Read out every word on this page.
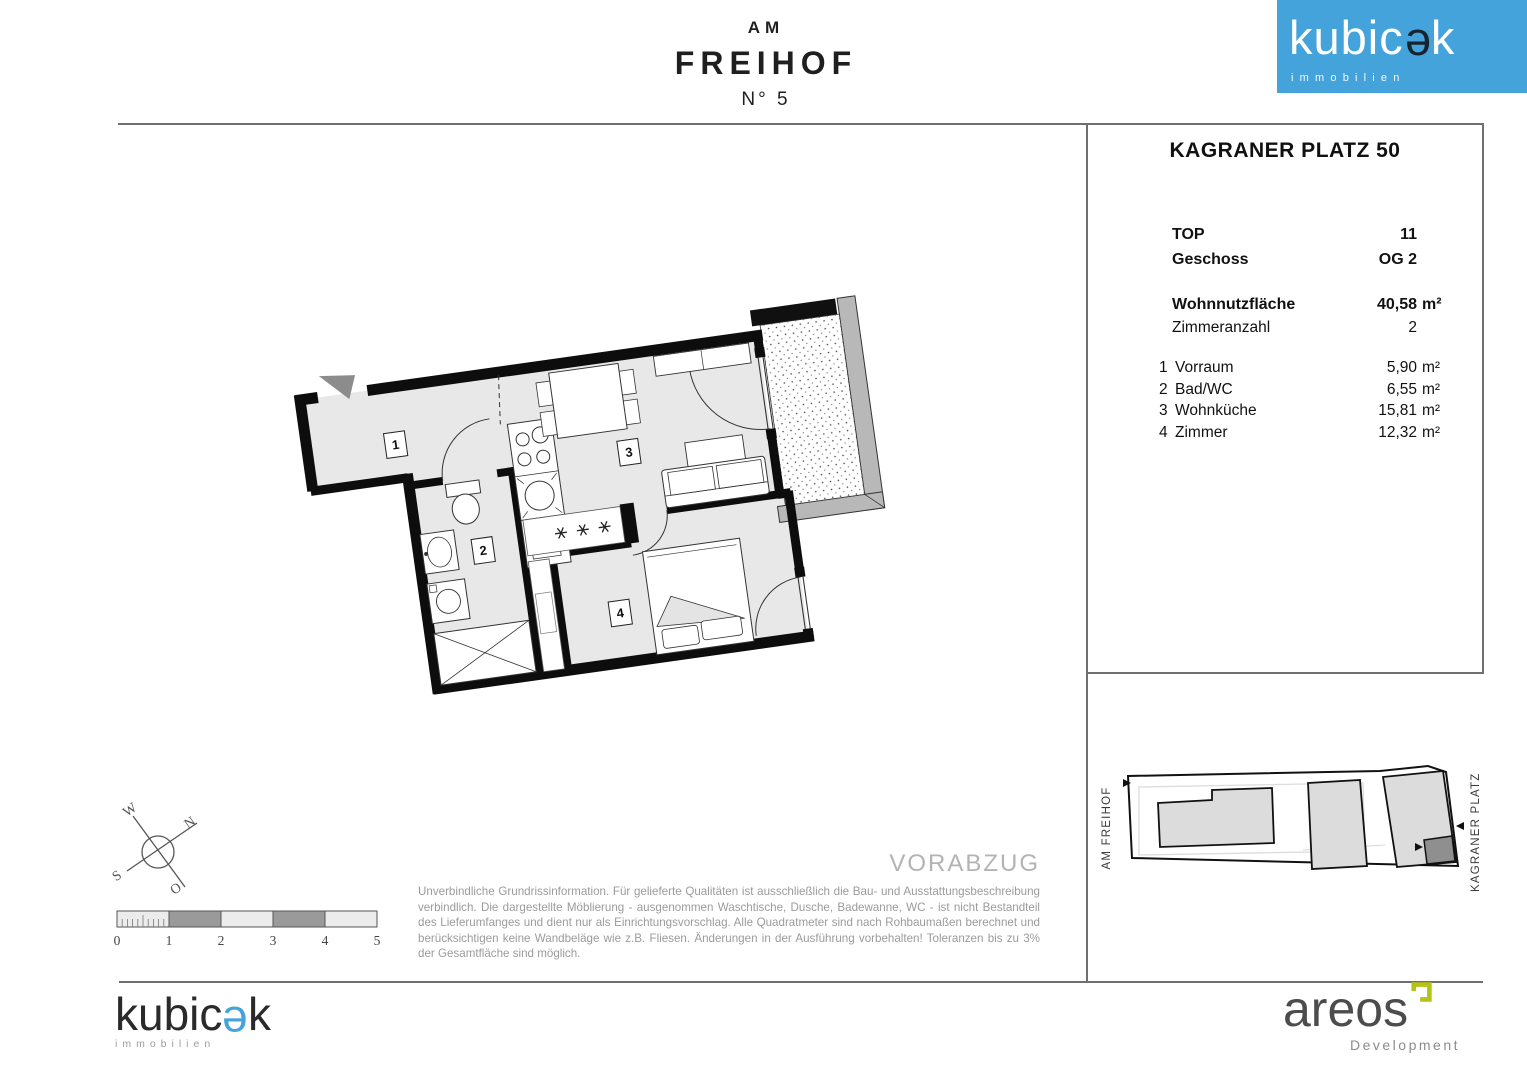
AM
FREIHOF
N° 5
kubicek
immobilien
KAGRANER PLATZ 50
TOP	11
Geschoss	OG 2
Wohnnutzfläche	40,58 m²
Zimmeranzahl	2
1 Vorraum	5,90 m²
2 Bad/WC	6,55 m²
3 Wohnküche	15,81 m²
4 Zimmer	12,32 m²
1
2
3
4
W
N
S
O
0	1	2	3	4	5
VORABZUG
Unverbindliche Grundrissinformation. Für gelieferte Qualitäten ist ausschließlich die Bau- und Ausstattungsbeschreibung verbindlich. Die dargestellte Möblierung - ausgenommen Waschtische, Dusche, Badewanne, WC - ist nicht Bestandteil des Lieferumfanges und dient nur als Einrichtungsvorschlag. Alle Quadratmeter sind nach Rohbaumaßen berechnet und berücksichtigen keine Wandbeläge wie z.B. Fliesen. Änderungen in der Ausführung vorbehalten! Toleranzen bis zu 3% der Gesamtfläche sind möglich.
AM FREIHOF	KAGRANER PLATZ
kubicek
immobilien
areos
Development
